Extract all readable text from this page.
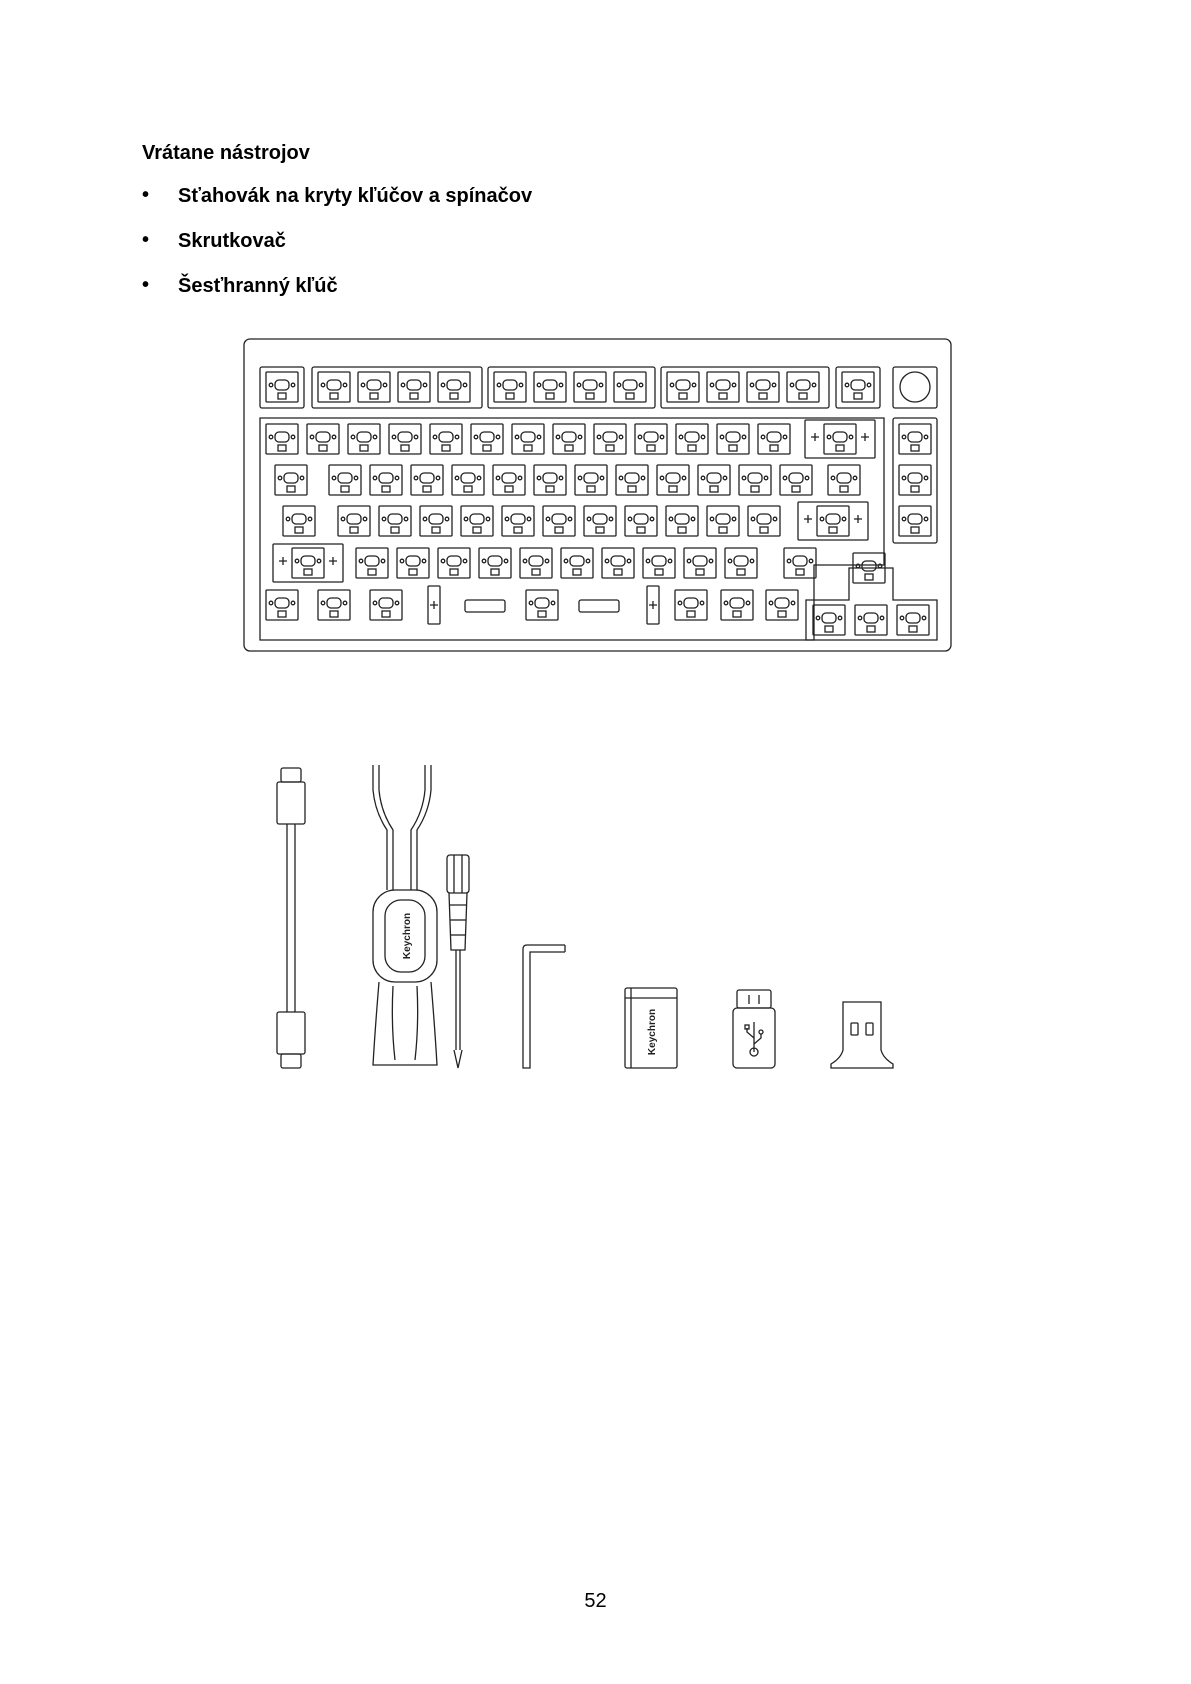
Vrátane nástrojov
• Sťahovák na kryty kľúčov a spínačov
• Skrutkovač
• Šesťhranný kľúč
Keychron
Keychron
52
